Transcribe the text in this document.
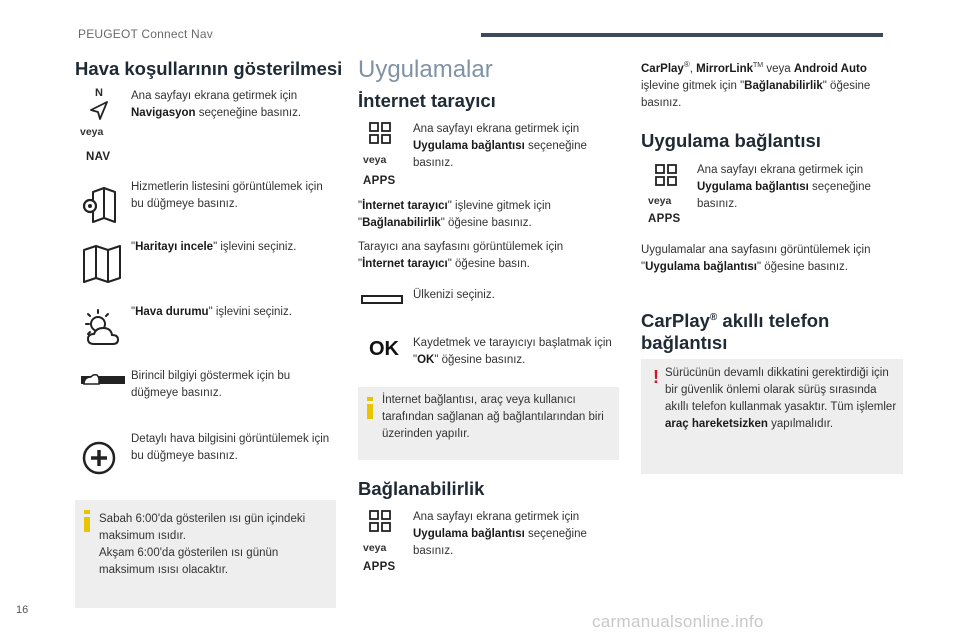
PEUGEOT Connect Nav
Hava koşullarının gösterilmesi
N
veya
NAV
Ana sayfayı ekrana getirmek için Navigasyon seçeneğine basınız.
Hizmetlerin listesini görüntülemek için bu düğmeye basınız.
"Haritayı incele" işlevini seçiniz.
"Hava durumu" işlevini seçiniz.
Birincil bilgiyi göstermek için bu düğmeye basınız.
Detaylı hava bilgisini görüntülemek için bu düğmeye basınız.
Sabah 6:00'da gösterilen ısı gün içindeki maksimum ısıdır.
Akşam 6:00'da gösterilen ısı günün maksimum ısısı olacaktır.
Uygulamalar
İnternet tarayıcı
veya
APPS
Ana sayfayı ekrana getirmek için Uygulama bağlantısı seçeneğine basınız.
"İnternet tarayıcı" işlevine gitmek için "Bağlanabilirlik" öğesine basınız.
Tarayıcı ana sayfasını görüntülemek için "İnternet tarayıcı" öğesine basın.
Ülkenizi seçiniz.
OK Kaydetmek ve tarayıcıyı başlatmak için "OK" öğesine basınız.
İnternet bağlantısı, araç veya kullanıcı tarafından sağlanan ağ bağlantılarından biri üzerinden yapılır.
Bağlanabilirlik
veya
APPS
Ana sayfayı ekrana getirmek için Uygulama bağlantısı seçeneğine basınız.
CarPlay®, MirrorLink™ veya Android Auto işlevine gitmek için "Bağlanabilirlik" öğesine basınız.
Uygulama bağlantısı
veya
APPS
Ana sayfayı ekrana getirmek için Uygulama bağlantısı seçeneğine basınız.
Uygulamalar ana sayfasını görüntülemek için "Uygulama bağlantısı" öğesine basınız.
CarPlay® akıllı telefon
bağlantısı
! Sürücünün devamlı dikkatini gerektirdiği için bir güvenlik önlemi olarak sürüş sırasında akıllı telefon kullanmak yasaktır. Tüm işlemler araç hareketsizken yapılmalıdır.
16
carmanualsonline.info
